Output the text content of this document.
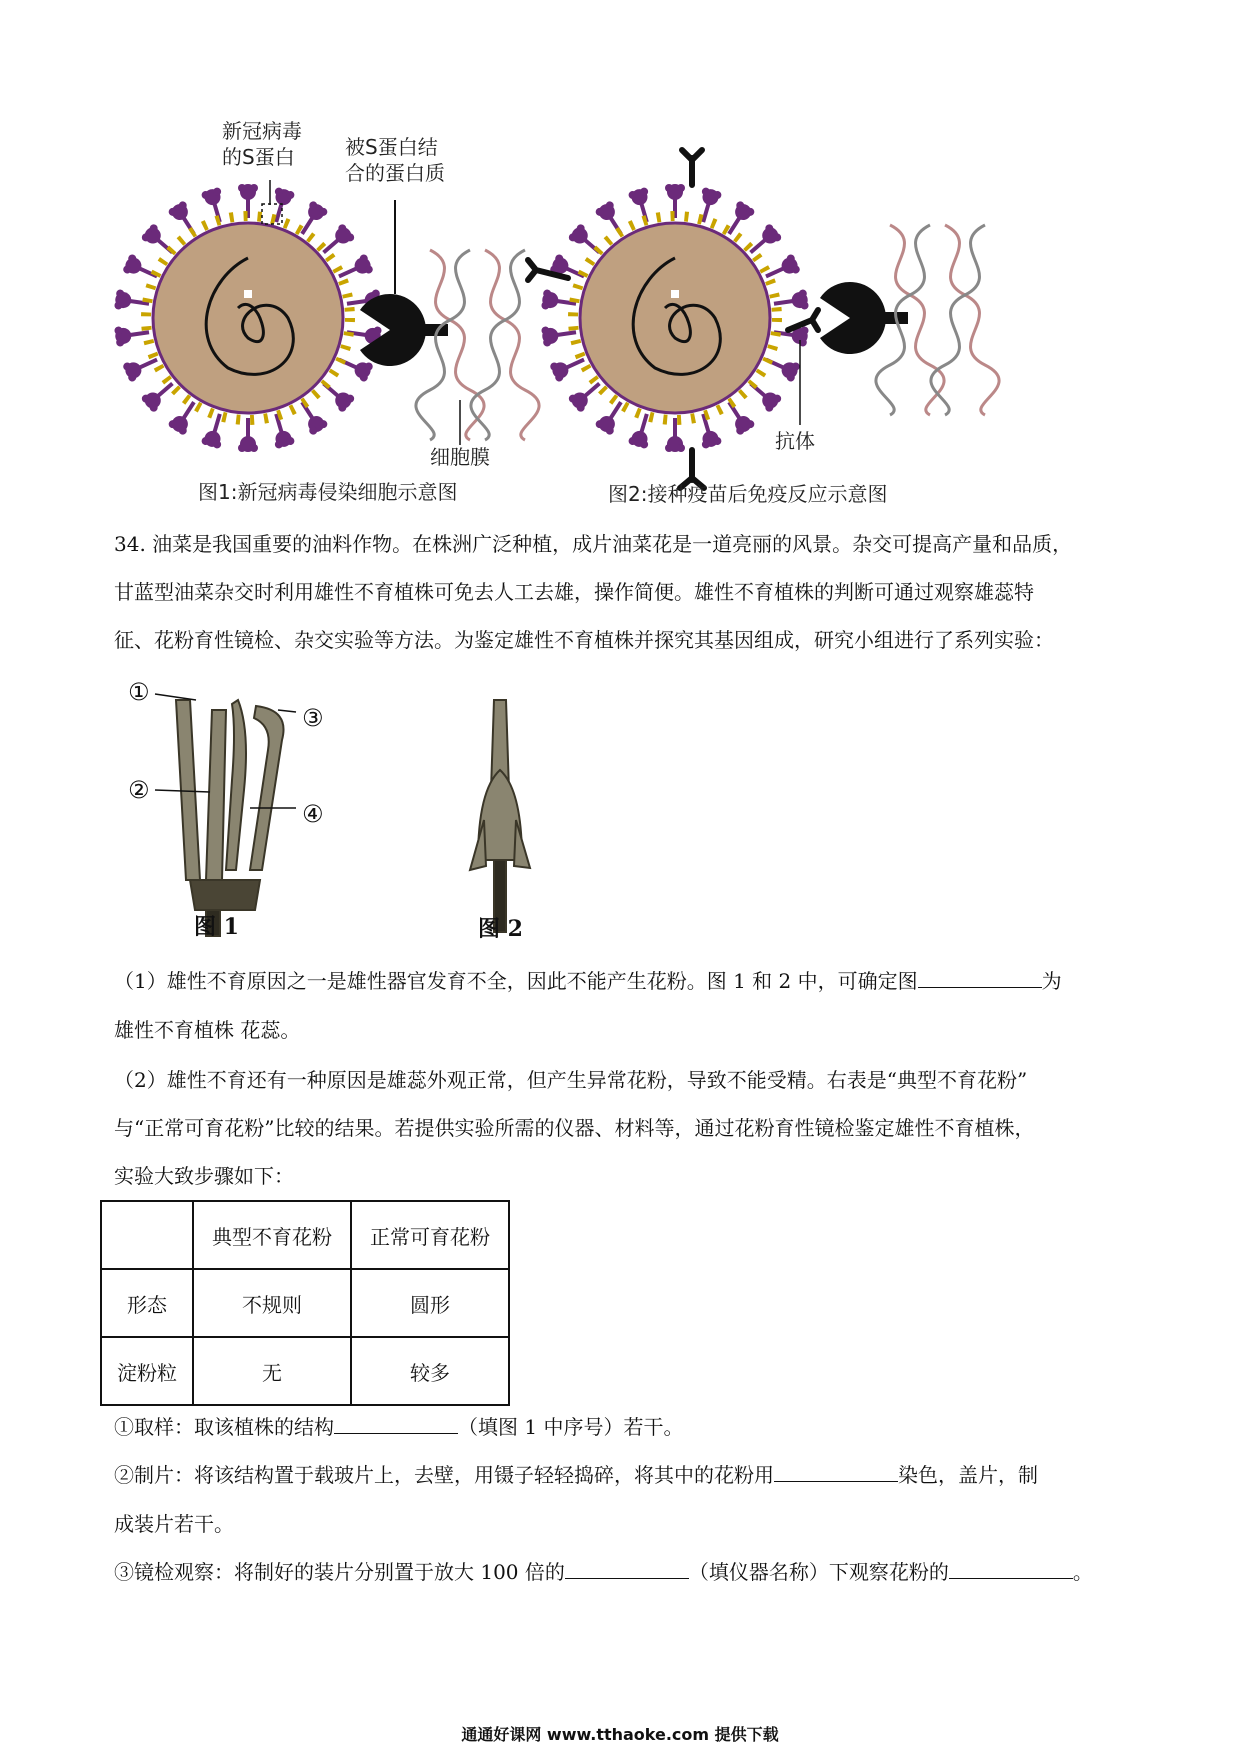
新冠病毒
的S蛋白	被S蛋白结
合的蛋白质
细胞膜
抗体
图1:新冠病毒侵染细胞示意图	图2:接种疫苗后免疫反应示意图
34. 油菜是我国重要的油料作物。在株洲广泛种植，成片油菜花是一道亮丽的风景。杂交可提高产量和品质，
甘蓝型油菜杂交时利用雄性不育植株可免去人工去雄，操作简便。雄性不育植株的判断可通过观察雄蕊特
征、花粉育性镜检、杂交实验等方法。为鉴定雄性不育植株并探究其基因组成，研究小组进行了系列实验：
①
②
③
④
图 1	图 2
（1）雄性不育原因之一是雄性器官发育不全，因此不能产生花粉。图 1 和 2 中，可确定图	为
雄性不育植株 花蕊。
（2）雄性不育还有一种原因是雄蕊外观正常，但产生异常花粉，导致不能受精。右表是“典型不育花粉”
与“正常可育花粉”比较的结果。若提供实验所需的仪器、材料等，通过花粉育性镜检鉴定雄性不育植株，
实验大致步骤如下：
	典型不育花粉	正常可育花粉
形态	不规则	圆形
淀粉粒	无	较多
①取样：取该植株的结构	（填图 1 中序号）若干。
②制片：将该结构置于载玻片上，去壁，用镊子轻轻捣碎，将其中的花粉用	染色，盖片，制
成装片若干。
③镜检观察：将制好的装片分别置于放大 100 倍的	（填仪器名称）下观察花粉的	。
通通好课网 www.tthaoke.com 提供下载
